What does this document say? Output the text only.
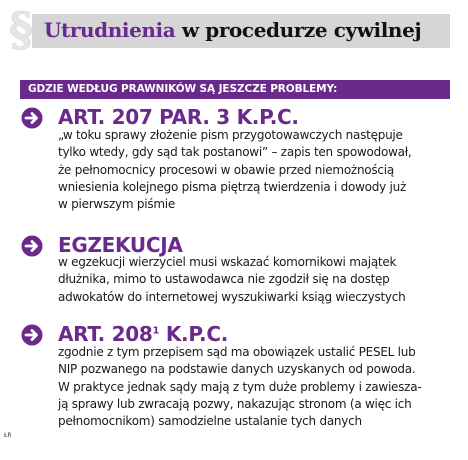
§ Utrudnienia w procedurze cywilnej
GDZIE WEDŁUG PRAWNIKÓW SĄ JESZCZE PROBLEMY:
ART. 207 PAR. 3 K.P.C.
„w toku sprawy złożenie pism przygotowawczych następuje
tylko wtedy, gdy sąd tak postanowi” – zapis ten spowodował,
że pełnomocnicy procesowi w obawie przed niemożnością
wniesienia kolejnego pisma piętrzą twierdzenia i dowody już
w pierwszym piśmie
EGZEKUCJA
w egzekucji wierzyciel musi wskazać komornikowi majątek
dłużnika, mimo to ustawodawca nie zgodził się na dostęp
adwokatów do internetowej wyszukiwarki ksiąg wieczystych
ART. $208^1$ K.P.C.
zgodnie z tym przepisem sąd ma obowiązek ustalić PESEL lub
NIP pozwanego na podstawie danych uzyskanych od powoda.
W praktyce jednak sądy mają z tym duże problemy i zawiesza-
ją sprawy lub zwracają pozwy, nakazując stronom (a więc ich
pełnomocnikom) samodzielne ustalanie tych danych
ŁR
